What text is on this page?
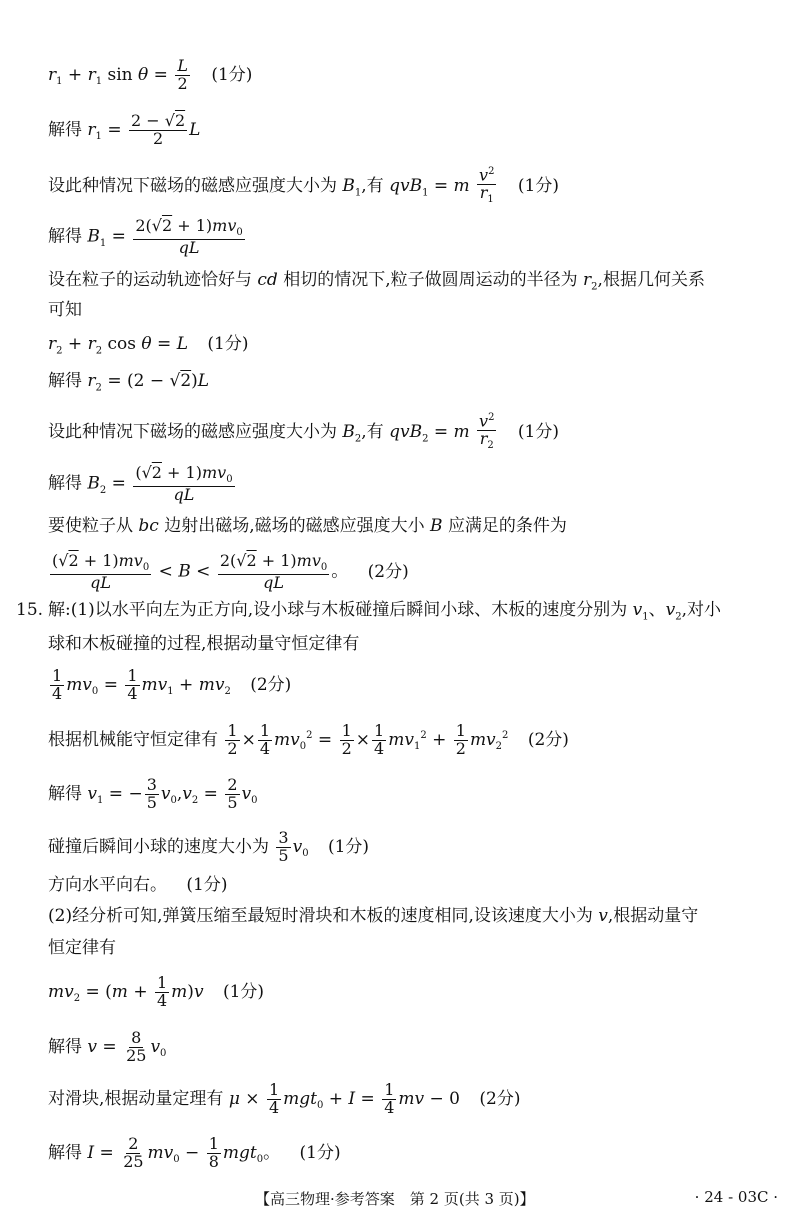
$r_1 + r_1$ $\sin \theta = \frac{L}{2} (1$分)
解得 $r_1 = \frac{2 - √2}{2}$ L
设此种情况下磁场的磁感应强度大小为 $B_1$,有 qvB$_1$ = m $\frac{v^2}{r_1} (1$分)
解得 $B_1 = \frac{2(√2 + 1)mv_0}{qL}$
设在粒子的运动轨迹恰好与 cd 相切的情况下,粒子做圆周运动的半径为 $r_2$,根据几何关系
可知
$r_2 + r_2$ cos θ = L (1分)
解得 $r_2 = (2 - √2)L$
设此种情况下磁场的磁感应强度大小为 $B_2$,有 qvB$_2$ = m $\frac{v^2}{r_2} (1$分)
解得 $B_2 = \frac{(√2 + 1)mv_0}{qL}$
要使粒子从 bc 边射出磁场,磁场的磁感应强度大小 B 应满足的条件为
$\frac{(√2 + 1)mv_0}{qL} < B < \frac{2(√2 + 1)mv_0}{qL}$ 。 (2分)
15. 解:(1)以水平向左为正方向,设小球与木板碰撞后瞬间小球、木板的速度分别为 $v_1$、$v_2$,对小
球和木板碰撞的过程,根据动量守恒定律有
$\frac{1}{4} mv_0 = \frac{1}{4} mv_1 + mv_2$ (2分)
根据机械能守恒定律有 $\frac{1}{2} \times \frac{1}{4} mv_0^2 = \frac{1}{2} \times \frac{1}{4} mv_1^2 + \frac{1}{2} mv_2^2$ (2分)
解得 $v_1$ = − $\frac{3}{5} v_0,v_2 = \frac{2}{5} v_0$
碰撞后瞬间小球的速度大小为 $\frac{3}{5} v_0$ (1分)
方向水平向右。 (1分)
(2)经分析可知,弹簧压缩至最短时滑块和木板的速度相同,设该速度大小为 v,根据动量守
恒定律有
$mv_2 = (m + \frac{1}{4} m)v$ (1分)
解得 $v = \frac{8}{25} v_0$
对滑块,根据动量定理有 $\mu \times \frac{1}{4} mgt_0 + I = \frac{1}{4}$ mv − 0 (2分)
解得 $I = \frac{2}{25} mv_0 - \frac{1}{8} mgt_0$。 (1分)
【高三物理·参考答案　第 2 页(共 3 页)】	· 24 - 03C ·
